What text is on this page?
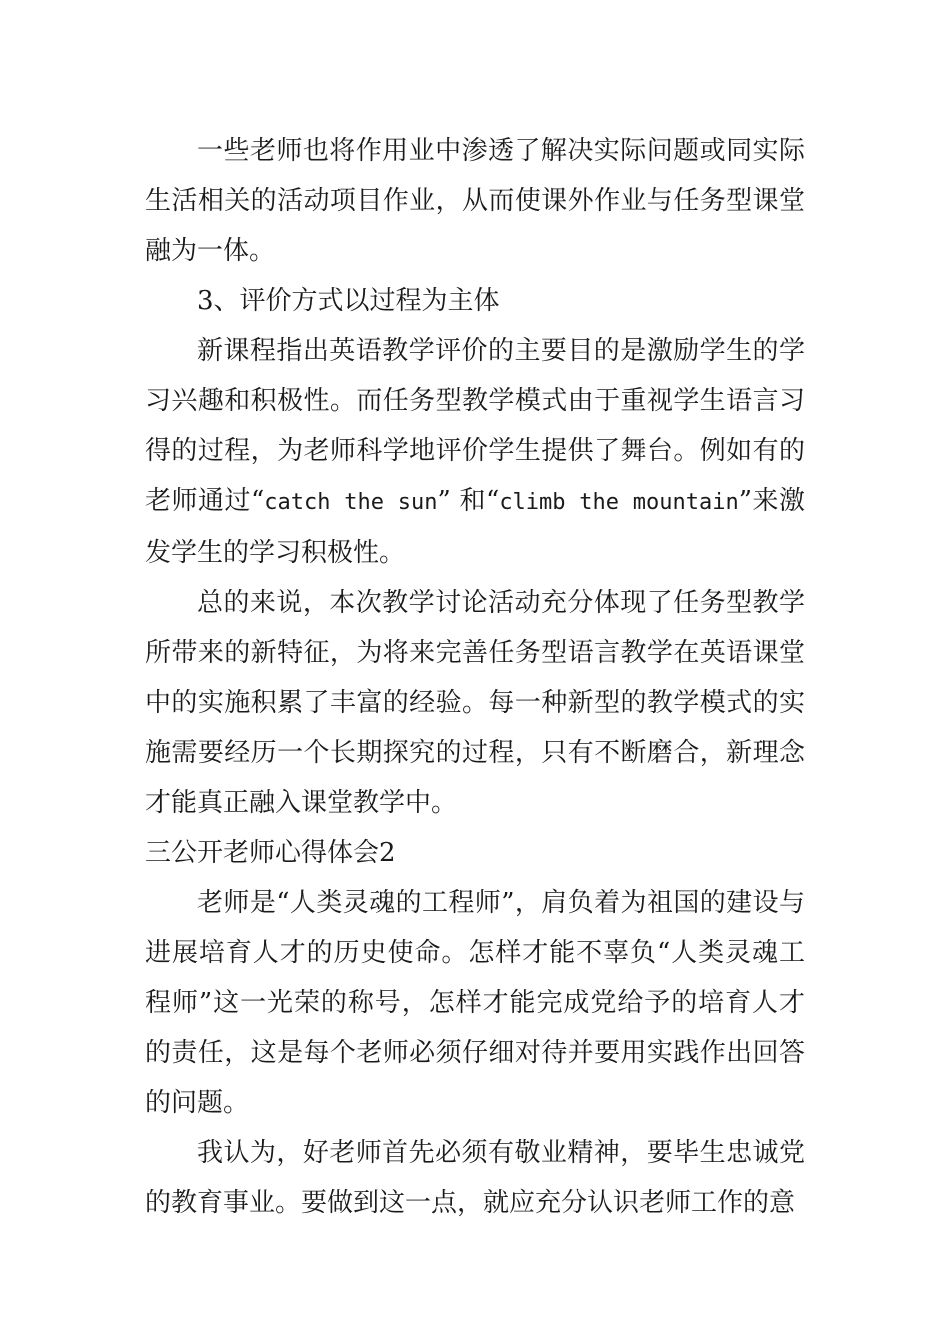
一些老师也将作用业中渗透了解决实际问题或同实际生活相关的活动项目作业，从而使课外作业与任务型课堂融为一体。

3、评价方式以过程为主体

新课程指出英语教学评价的主要目的是激励学生的学习兴趣和积极性。而任务型教学模式由于重视学生语言习得的过程，为老师科学地评价学生提供了舞台。例如有的老师通过“catch the sun” 和“climb the mountain”来激发学生的学习积极性。

总的来说，本次教学讨论活动充分体现了任务型教学所带来的新特征，为将来完善任务型语言教学在英语课堂中的实施积累了丰富的经验。每一种新型的教学模式的实施需要经历一个长期探究的过程，只有不断磨合，新理念才能真正融入课堂教学中。

三公开老师心得体会2

老师是“人类灵魂的工程师”，肩负着为祖国的建设与进展培育人才的历史使命。怎样才能不辜负“人类灵魂工程师”这一光荣的称号，怎样才能完成党给予的培育人才的责任，这是每个老师必须仔细对待并要用实践作出回答的问题。

我认为，好老师首先必须有敬业精神，要毕生忠诚党的教育事业。要做到这一点，就应充分认识老师工作的意
